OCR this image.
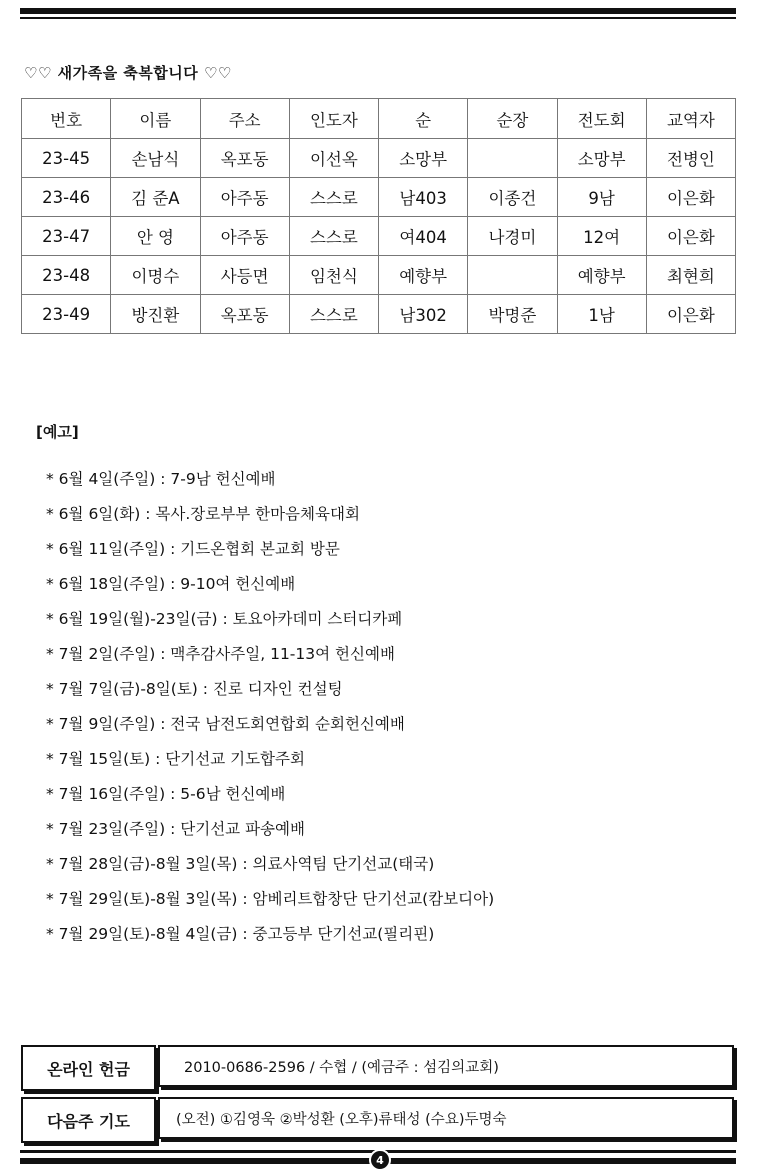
♡♡ 새가족을 축복합니다 ♡♡
번호	이름	주소	인도자	순	순장	전도회	교역자
23-45	손남식	옥포동	이선옥	소망부		소망부	전병인
23-46	김 준A	아주동	스스로	남403	이종건	9남	이은화
23-47	안 영	아주동	스스로	여404	나경미	12여	이은화
23-48	이명수	사등면	임천식	예향부		예향부	최현희
23-49	방진환	옥포동	스스로	남302	박명준	1남	이은화
[예고]
* 6월 4일(주일) : 7-9남 헌신예배
* 6월 6일(화) : 목사.장로부부 한마음체육대회
* 6월 11일(주일) : 기드온협회 본교회 방문
* 6월 18일(주일) : 9-10여 헌신예배
* 6월 19일(월)-23일(금) : 토요아카데미 스터디카페
* 7월 2일(주일) : 맥추감사주일, 11-13여 헌신예배
* 7월 7일(금)-8일(토) : 진로 디자인 컨설팅
* 7월 9일(주일) : 전국 남전도회연합회 순회헌신예배
* 7월 15일(토) : 단기선교 기도합주회
* 7월 16일(주일) : 5-6남 헌신예배
* 7월 23일(주일) : 단기선교 파송예배
* 7월 28일(금)-8월 3일(목) : 의료사역팀 단기선교(태국)
* 7월 29일(토)-8월 3일(목) : 암베리트합창단 단기선교(캄보디아)
* 7월 29일(토)-8월 4일(금) : 중고등부 단기선교(필리핀)
온라인 헌금	2010-0686-2596 / 수협 / (예금주 : 섬김의교회)
다음주 기도	(오전) ①김영욱 ②박성환 (오후)류태성 (수요)두명숙
4
